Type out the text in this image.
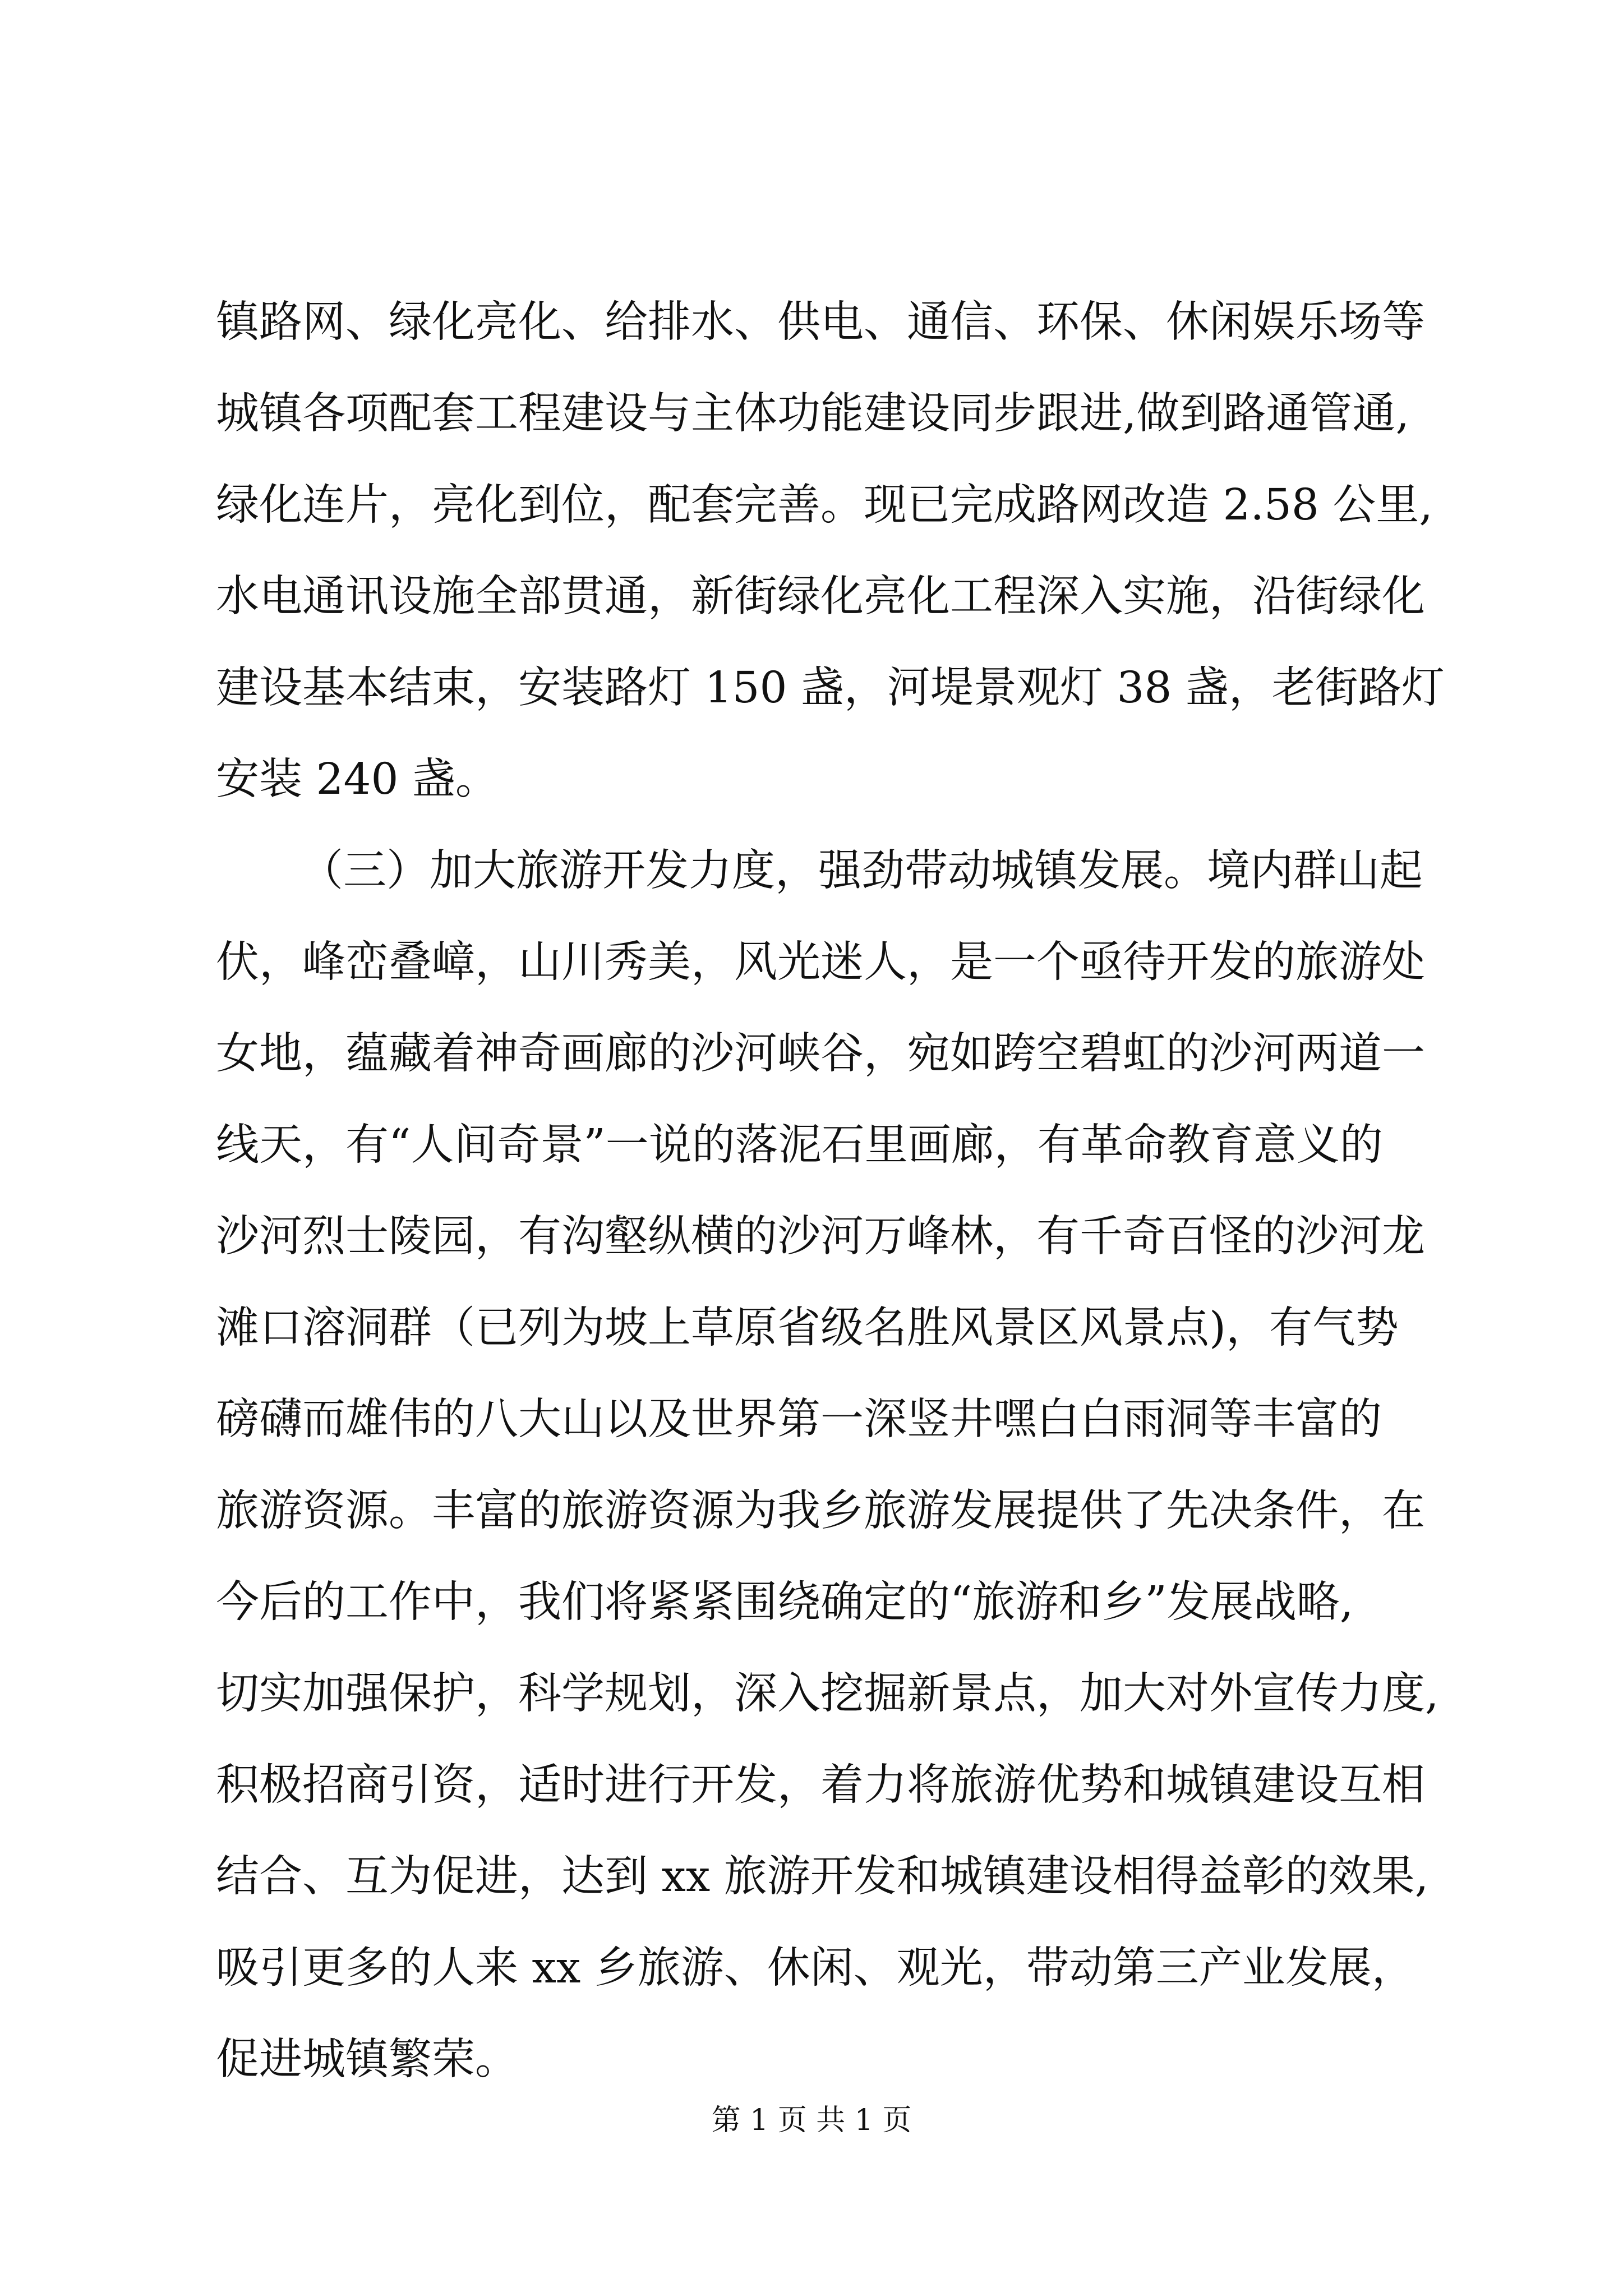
镇路网、绿化亮化、给排水、供电、通信、环保、休闲娱乐场等
城镇各项配套工程建设与主体功能建设同步跟进,做到路通管通,
绿化连片，亮化到位，配套完善。现已完成路网改造 2.58 公里,
水电通讯设施全部贯通，新街绿化亮化工程深入实施，沿街绿化
建设基本结束，安装路灯 150 盏，河堤景观灯 38 盏，老街路灯
安装 240 盏。
（三）加大旅游开发力度，强劲带动城镇发展。境内群山起
伏，峰峦叠嶂，山川秀美，风光迷人，是一个亟待开发的旅游处
女地，蕴藏着神奇画廊的沙河峡谷，宛如跨空碧虹的沙河两道一
线天，有“人间奇景”一说的落泥石里画廊，有革命教育意义的
沙河烈士陵园，有沟壑纵横的沙河万峰林，有千奇百怪的沙河龙
滩口溶洞群（已列为坡上草原省级名胜风景区风景点)，有气势
磅礴而雄伟的八大山以及世界第一深竖井嘿白白雨洞等丰富的
旅游资源。丰富的旅游资源为我乡旅游发展提供了先决条件，在
今后的工作中，我们将紧紧围绕确定的“旅游和乡”发展战略,
切实加强保护，科学规划，深入挖掘新景点，加大对外宣传力度,
积极招商引资，适时进行开发，着力将旅游优势和城镇建设互相
结合、互为促进，达到 xx 旅游开发和城镇建设相得益彰的效果,
吸引更多的人来 xx 乡旅游、休闲、观光，带动第三产业发展，
促进城镇繁荣。
第 1 页 共 1 页
